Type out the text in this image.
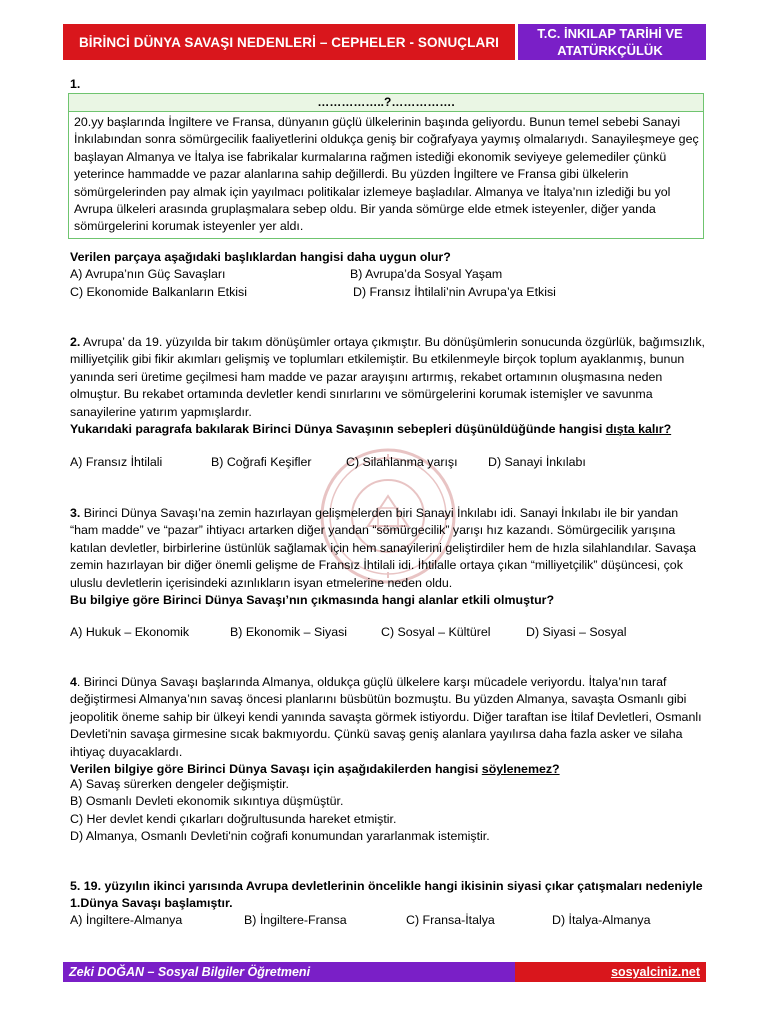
BİRİNCİ DÜNYA SAVAŞI NEDENLERİ – CEPHELER - SONUÇLARI
T.C. İNKILAP TARİHİ VE
ATATÜRKÇÜLÜK
1.
……………..?…………….
20.yy başlarında İngiltere ve Fransa, dünyanın güçlü ülkelerinin başında geliyordu. Bunun temel sebebi Sanayi İnkılabından sonra sömürgecilik faaliyetlerini oldukça geniş bir coğrafyaya yaymış olmalarıydı. Sanayileşmeye geç başlayan Almanya ve İtalya ise fabrikalar kurmalarına rağmen istediği ekonomik seviyeye gelemediler çünkü yeterince hammadde ve pazar alanlarına sahip değillerdi. Bu yüzden İngiltere ve Fransa gibi ülkelerin sömürgelerinden pay almak için yayılmacı politikalar izlemeye başladılar. Almanya ve İtalya’nın izlediği bu yol Avrupa ülkeleri arasında gruplaşmalara sebep oldu. Bir yanda sömürge elde etmek isteyenler, diğer yanda sömürgelerini korumak isteyenler yer aldı.
Verilen parçaya aşağıdaki başlıklardan hangisi daha uygun olur?
A) Avrupa’nın Güç Savaşları	B) Avrupa’da Sosyal Yaşam
C) Ekonomide Balkanların Etkisi	D) Fransız İhtilali’nin Avrupa’ya Etkisi
2. Avrupa’ da 19. yüzyılda bir takım dönüşümler ortaya çıkmıştır. Bu dönüşümlerin sonucunda özgürlük, bağımsızlık, milliyetçilik gibi fikir akımları gelişmiş ve toplumları etkilemiştir. Bu etkilenmeyle birçok toplum ayaklanmış, bunun yanında seri üretime geçilmesi ham madde ve pazar arayışını artırmış, rekabet ortamının oluşmasına neden olmuştur. Bu rekabet ortamında devletler kendi sınırlarını ve sömürgelerini korumak istemişler ve savunma sanayilerine yatırım yapmışlardır.
Yukarıdaki paragrafa bakılarak Birinci Dünya Savaşının sebepleri düşünüldüğünde hangisi dışta kalır?
A) Fransız İhtilali	B) Coğrafi Keşifler	C) Silahlanma yarışı D) Sanayi İnkılabı
3. Birinci Dünya Savaşı’na zemin hazırlayan gelişmelerden biri Sanayi İnkılabı idi. Sanayi İnkılabı ile bir yandan “ham madde” ve “pazar” ihtiyacı artarken diğer yandan “sömürgecilik” yarışı hız kazandı. Sömürgecilik yarışına katılan devletler, birbirlerine üstünlük sağlamak için hem sanayilerini geliştirdiler hem de hızla silahlandılar. Savaşa zemin hazırlayan bir diğer önemli gelişme de Fransız İhtilali idi. İhtilalle ortaya çıkan “milliyetçilik” düşüncesi, çok uluslu devletlerin içerisindeki azınlıkların isyan etmelerine neden oldu.
Bu bilgiye göre Birinci Dünya Savaşı’nın çıkmasında hangi alanlar etkili olmuştur?
A) Hukuk – Ekonomik	B) Ekonomik – Siyasi	C) Sosyal – Kültürel	D) Siyasi – Sosyal
4. Birinci Dünya Savaşı başlarında Almanya, oldukça güçlü ülkelere karşı mücadele veriyordu. İtalya’nın taraf değiştirmesi Almanya’nın savaş öncesi planlarını büsbütün bozmuştu. Bu yüzden Almanya, savaşta Osmanlı gibi jeopolitik öneme sahip bir ülkeyi kendi yanında savaşta görmek istiyordu. Diğer taraftan ise İtilaf Devletleri, Osmanlı Devleti'nin savaşa girmesine sıcak bakmıyordu. Çünkü savaş geniş alanlara yayılırsa daha fazla asker ve silaha ihtiyaç duyacaklardı.
Verilen bilgiye göre Birinci Dünya Savaşı için aşağıdakilerden hangisi söylenemez?
A) Savaş sürerken dengeler değişmiştir.
B) Osmanlı Devleti ekonomik sıkıntıya düşmüştür.
C) Her devlet kendi çıkarları doğrultusunda hareket etmiştir.
D) Almanya, Osmanlı Devleti'nin coğrafi konumundan yararlanmak istemiştir.
5. 19. yüzyılın ikinci yarısında Avrupa devletlerinin öncelikle hangi ikisinin siyasi çıkar çatışmaları nedeniyle 1.Dünya Savaşı başlamıştır.
A) İngiltere-Almanya	B) İngiltere-Fransa	C) Fransa-İtalya	D) İtalya-Almanya
Zeki DOĞAN – Sosyal Bilgiler Öğretmeni	sosyalciniz.net
